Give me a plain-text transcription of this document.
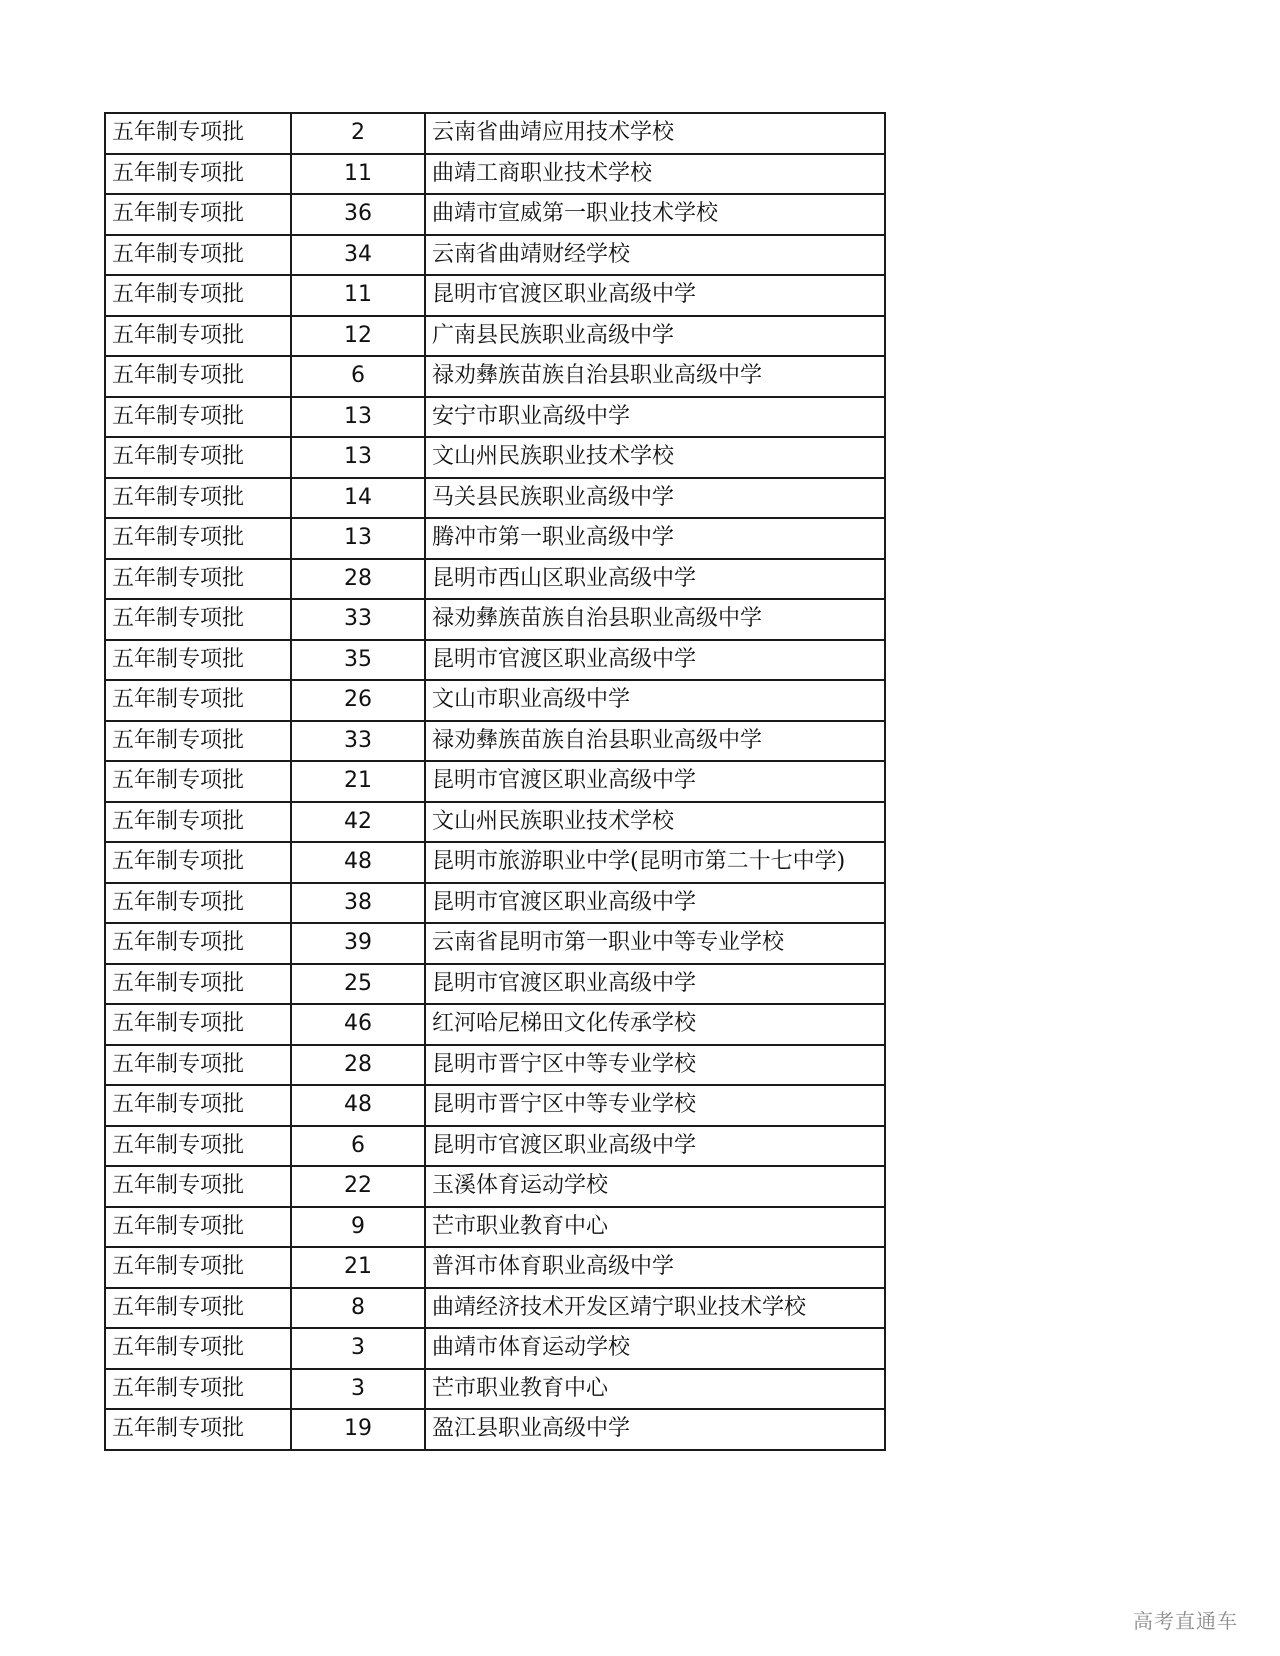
五年制专项批	2	云南省曲靖应用技术学校
五年制专项批	11	曲靖工商职业技术学校
五年制专项批	36	曲靖市宣威第一职业技术学校
五年制专项批	34	云南省曲靖财经学校
五年制专项批	11	昆明市官渡区职业高级中学
五年制专项批	12	广南县民族职业高级中学
五年制专项批	6	禄劝彝族苗族自治县职业高级中学
五年制专项批	13	安宁市职业高级中学
五年制专项批	13	文山州民族职业技术学校
五年制专项批	14	马关县民族职业高级中学
五年制专项批	13	腾冲市第一职业高级中学
五年制专项批	28	昆明市西山区职业高级中学
五年制专项批	33	禄劝彝族苗族自治县职业高级中学
五年制专项批	35	昆明市官渡区职业高级中学
五年制专项批	26	文山市职业高级中学
五年制专项批	33	禄劝彝族苗族自治县职业高级中学
五年制专项批	21	昆明市官渡区职业高级中学
五年制专项批	42	文山州民族职业技术学校
五年制专项批	48	昆明市旅游职业中学(昆明市第二十七中学)
五年制专项批	38	昆明市官渡区职业高级中学
五年制专项批	39	云南省昆明市第一职业中等专业学校
五年制专项批	25	昆明市官渡区职业高级中学
五年制专项批	46	红河哈尼梯田文化传承学校
五年制专项批	28	昆明市晋宁区中等专业学校
五年制专项批	48	昆明市晋宁区中等专业学校
五年制专项批	6	昆明市官渡区职业高级中学
五年制专项批	22	玉溪体育运动学校
五年制专项批	9	芒市职业教育中心
五年制专项批	21	普洱市体育职业高级中学
五年制专项批	8	曲靖经济技术开发区靖宁职业技术学校
五年制专项批	3	曲靖市体育运动学校
五年制专项批	3	芒市职业教育中心
五年制专项批	19	盈江县职业高级中学
高考直通车
